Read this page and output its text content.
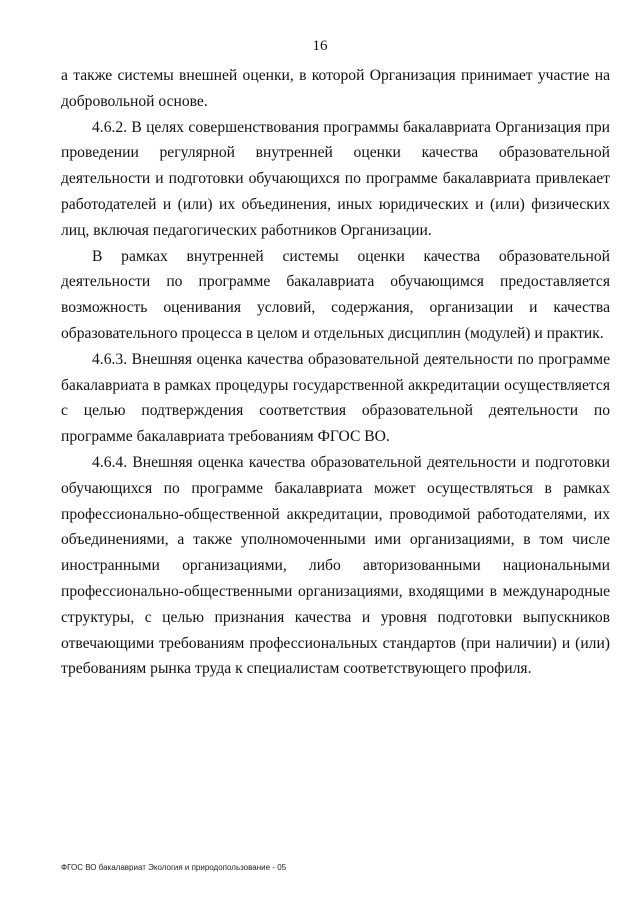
16

а также системы внешней оценки, в которой Организация принимает участие на добровольной основе.

4.6.2. В целях совершенствования программы бакалавриата Организация при проведении регулярной внутренней оценки качества образовательной деятельности и подготовки обучающихся по программе бакалавриата привлекает работодателей и (или) их объединения, иных юридических и (или) физических лиц, включая педагогических работников Организации.

В рамках внутренней системы оценки качества образовательной деятельности по программе бакалавриата обучающимся предоставляется возможность оценивания условий, содержания, организации и качества образовательного процесса в целом и отдельных дисциплин (модулей) и практик.

4.6.3. Внешняя оценка качества образовательной деятельности по программе бакалавриата в рамках процедуры государственной аккредитации осуществляется с целью подтверждения соответствия образовательной деятельности по программе бакалавриата требованиям ФГОС ВО.

4.6.4. Внешняя оценка качества образовательной деятельности и подготовки обучающихся по программе бакалавриата может осуществляться в рамках профессионально-общественной аккредитации, проводимой работодателями, их объединениями, а также уполномоченными ими организациями, в том числе иностранными организациями, либо авторизованными национальными профессионально-общественными организациями, входящими в международные структуры, с целью признания качества и уровня подготовки выпускников отвечающими требованиям профессиональных стандартов (при наличии) и (или) требованиям рынка труда к специалистам соответствующего профиля.

ФГОС ВО бакалавриат Экология и природопользование - 05
